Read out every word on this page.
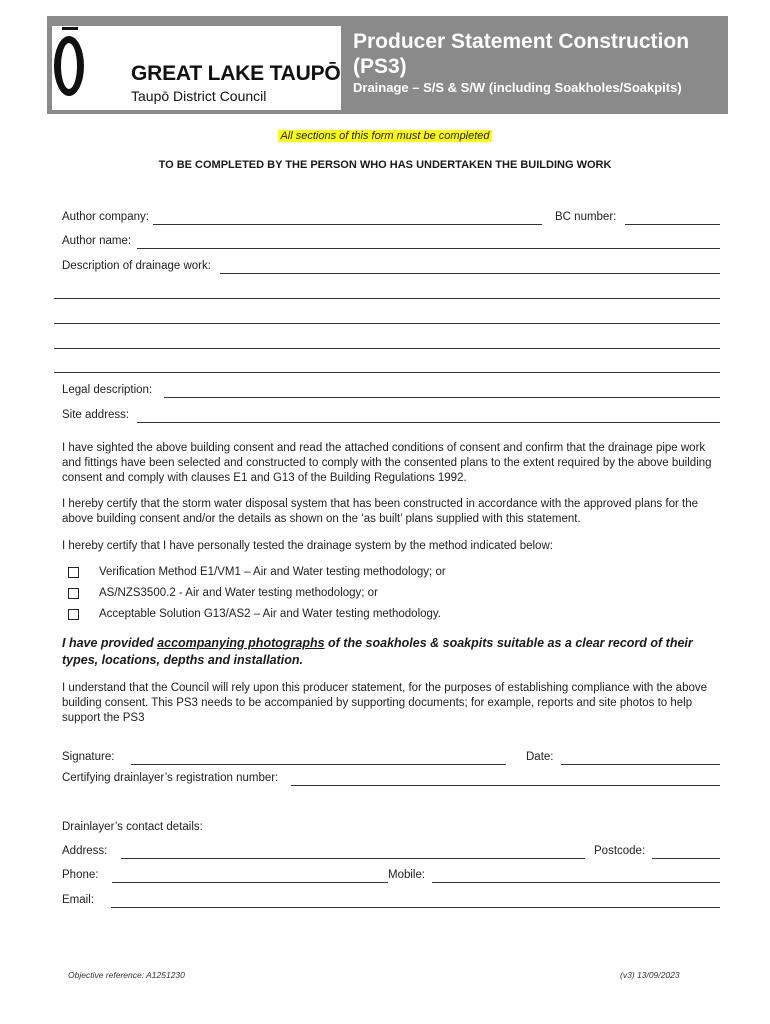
GREAT LAKE TAUPŌ
Taupō District Council
Producer Statement Construction (PS3)
Drainage – S/S & S/W (including Soakholes/Soakpits)
All sections of this form must be completed
TO BE COMPLETED BY THE PERSON WHO HAS UNDERTAKEN THE BUILDING WORK
Author company:	BC number:
Author name:
Description of drainage work:
Legal description:
Site address:
I have sighted the above building consent and read the attached conditions of consent and confirm that the drainage pipe work and fittings have been selected and constructed to comply with the consented plans to the extent required by the above building consent and comply with clauses E1 and G13 of the Building Regulations 1992.
I hereby certify that the storm water disposal system that has been constructed in accordance with the approved plans for the above building consent and/or the details as shown on the ‘as built’ plans supplied with this statement.
I hereby certify that I have personally tested the drainage system by the method indicated below:
Verification Method E1/VM1 – Air and Water testing methodology; or
AS/NZS3500.2 - Air and Water testing methodology; or
Acceptable Solution G13/AS2 – Air and Water testing methodology.
I have provided accompanying photographs of the soakholes & soakpits suitable as a clear record of their types, locations, depths and installation.
I understand that the Council will rely upon this producer statement, for the purposes of establishing compliance with the above building consent. This PS3 needs to be accompanied by supporting documents; for example, reports and site photos to help support the PS3
Signature:	Date:
Certifying drainlayer’s registration number:
Drainlayer’s contact details:
Address:	Postcode:
Phone:	Mobile:
Email:
Objective reference: A1251230	(v3) 13/09/2023
